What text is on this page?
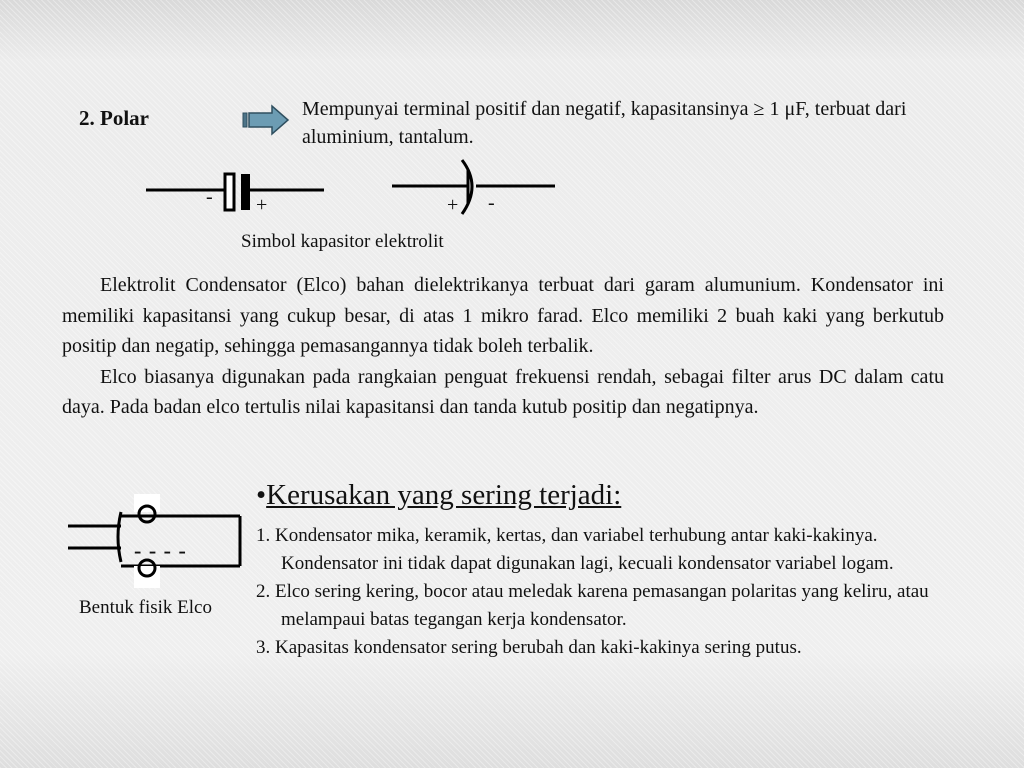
2. Polar	Mempunyai terminal positif dan negatif, kapasitansinya ≥ 1 μF, terbuat dari aluminium, tantalum.
- +	+ -
Simbol kapasitor elektrolit

Elektrolit Condensator (Elco) bahan dielektrikanya terbuat dari garam alumunium. Kondensator ini memiliki kapasitansi yang cukup besar, di atas 1 mikro farad. Elco memiliki 2 buah kaki yang berkutub positip dan negatip, sehingga pemasangannya tidak boleh terbalik.

Elco biasanya digunakan pada rangkaian penguat frekuensi rendah, sebagai filter arus DC dalam catu daya. Pada badan elco tertulis nilai kapasitansi dan tanda kutub positip dan negatipnya.

- - - -
Bentuk fisik Elco
•Kerusakan yang sering terjadi:
1. Kondensator mika, keramik, kertas, dan variabel terhubung antar kaki-kakinya. Kondensator ini tidak dapat digunakan lagi, kecuali kondensator variabel logam.
2. Elco sering kering, bocor atau meledak karena pemasangan polaritas yang keliru, atau melampaui batas tegangan kerja kondensator.
3. Kapasitas kondensator sering berubah dan kaki-kakinya sering putus.
